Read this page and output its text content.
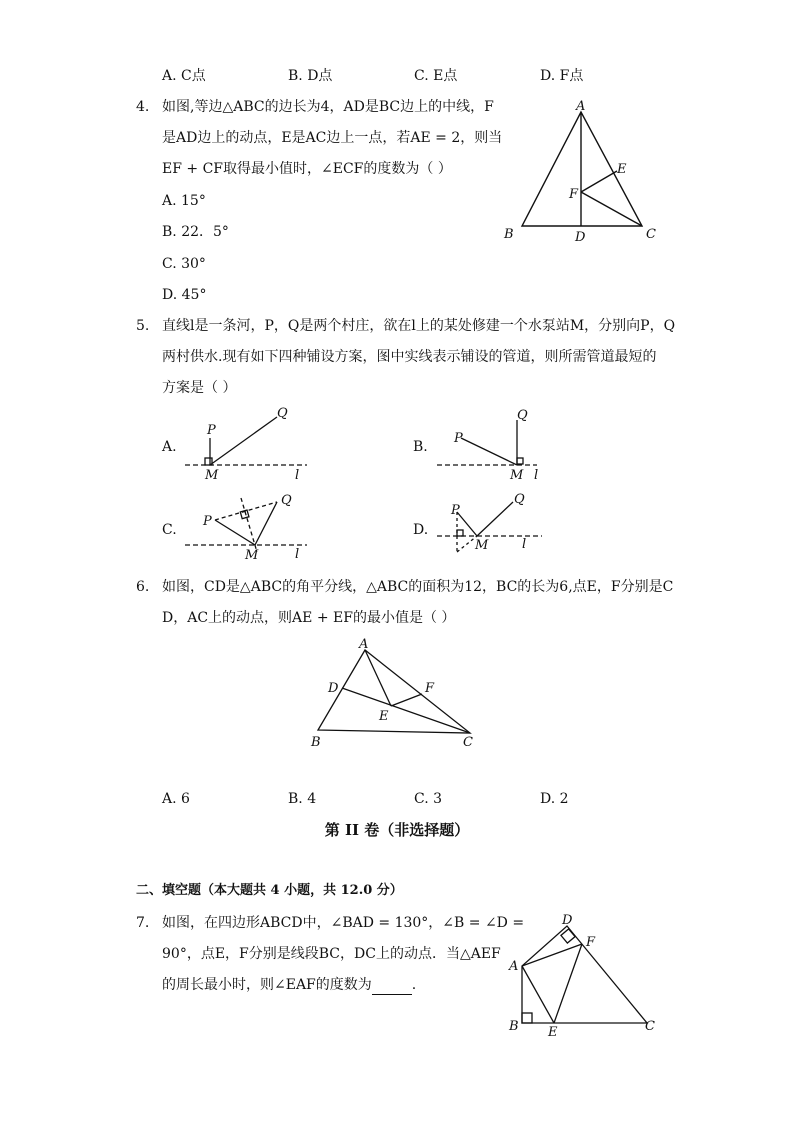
A. C点	B. D点	C. E点	D. F点
4. 如图,等边△ABC的边长为4，AD是BC边上的中线，F
是AD边上的动点，E是AC边上一点，若AE = 2，则当
EF + CF取得最小值时，∠ECF的度数为（ ）
A. 15°
B. 22．5°
C. 30°
D. 45°
A
B	C
D
E
F
5. 直线l是一条河，P，Q是两个村庄，欲在l上的某处修建一个水泵站M，分别向P，Q
两村供水.现有如下四种铺设方案，图中实线表示铺设的管道，则所需管道最短的
方案是（ ）
A.
P
Q
M	l
B.
P
Q
M l
C.
P
Q
M	l
D.
P
Q
M	l
6. 如图，CD是△ABC的角平分线，△ABC的面积为12，BC的长为6,点E，F分别是C
D，AC上的动点，则AE + EF的最小值是（ ）
A
B	C
D
E
F
A. 6	B. 4	C. 3	D. 2
第 II 卷（非选择题）
二、填空题（本大题共 4 小题，共 12.0 分）
7. 如图，在四边形ABCD中，∠BAD = 130°，∠B = ∠D =
90°，点E，F分别是线段BC，DC上的动点．当△AEF
的周长最小时，则∠EAF的度数为	.
A
B	C
D
E
F
